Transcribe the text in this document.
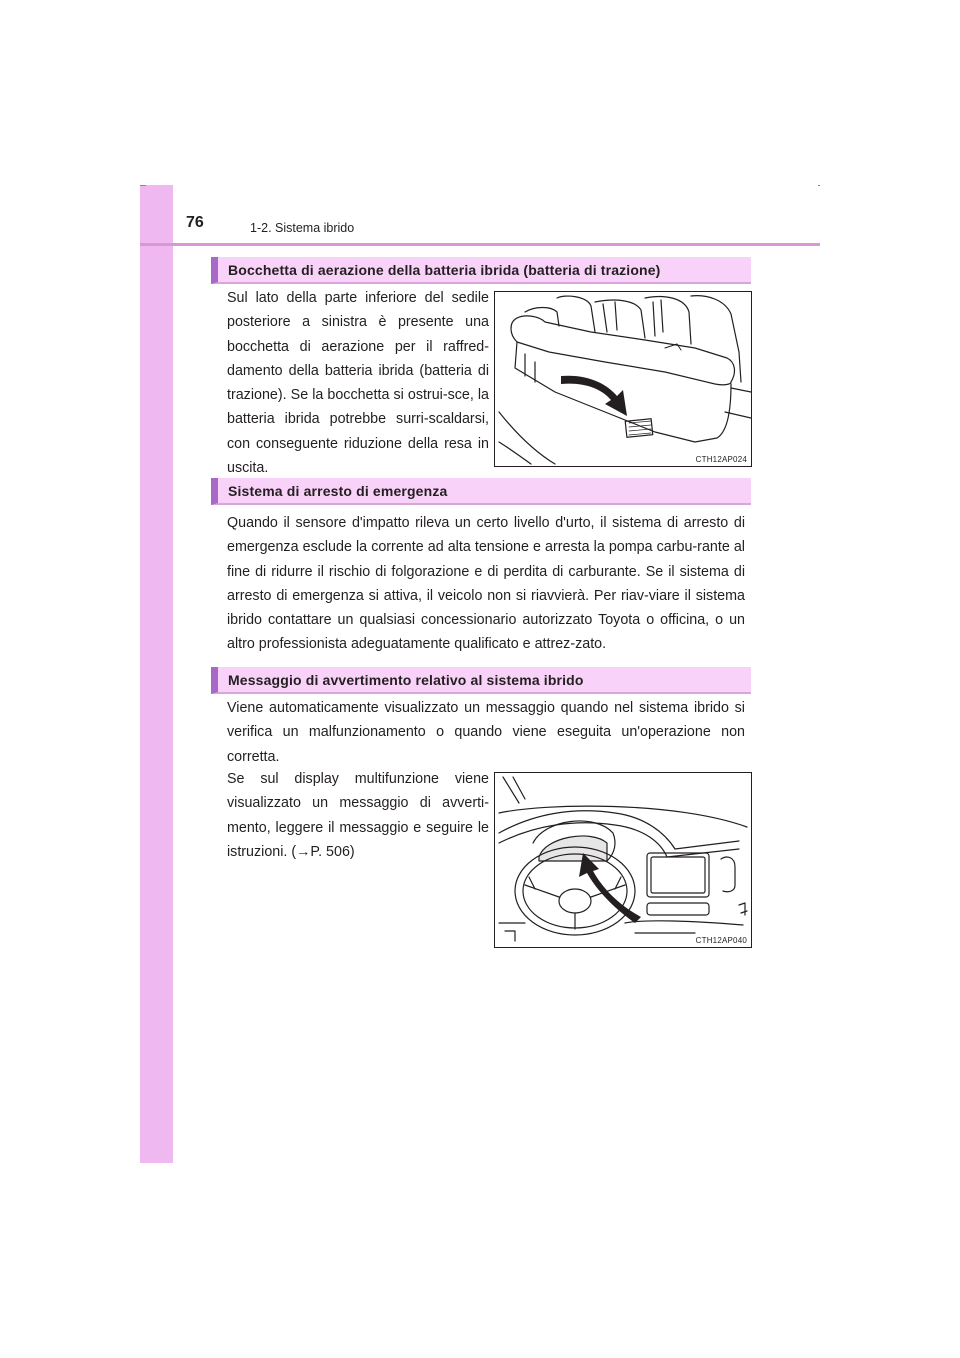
76	1-2. Sistema ibrido
Bocchetta di aerazione della batteria ibrida (batteria di trazione)
Sul lato della parte inferiore del sedile posteriore a sinistra è presente una bocchetta di aerazione per il raffred-damento della batteria ibrida (batteria di trazione). Se la bocchetta si ostrui-sce, la batteria ibrida potrebbe surri-scaldarsi, con conseguente riduzione della resa in uscita.
CTH12AP024
Sistema di arresto di emergenza
Quando il sensore d'impatto rileva un certo livello d'urto, il sistema di arresto di emergenza esclude la corrente ad alta tensione e arresta la pompa carbu-rante al fine di ridurre il rischio di folgorazione e di perdita di carburante. Se il sistema di arresto di emergenza si attiva, il veicolo non si riavvierà. Per riav-viare il sistema ibrido contattare un qualsiasi concessionario autorizzato Toyota o officina, o un altro professionista adeguatamente qualificato e attrez-zato.
Messaggio di avvertimento relativo al sistema ibrido
Viene automaticamente visualizzato un messaggio quando nel sistema ibrido si verifica un malfunzionamento o quando viene eseguita un'operazione non corretta.
Se sul display multifunzione viene visualizzato un messaggio di avverti-mento, leggere il messaggio e seguire le istruzioni. (→P. 506)
CTH12AP040
